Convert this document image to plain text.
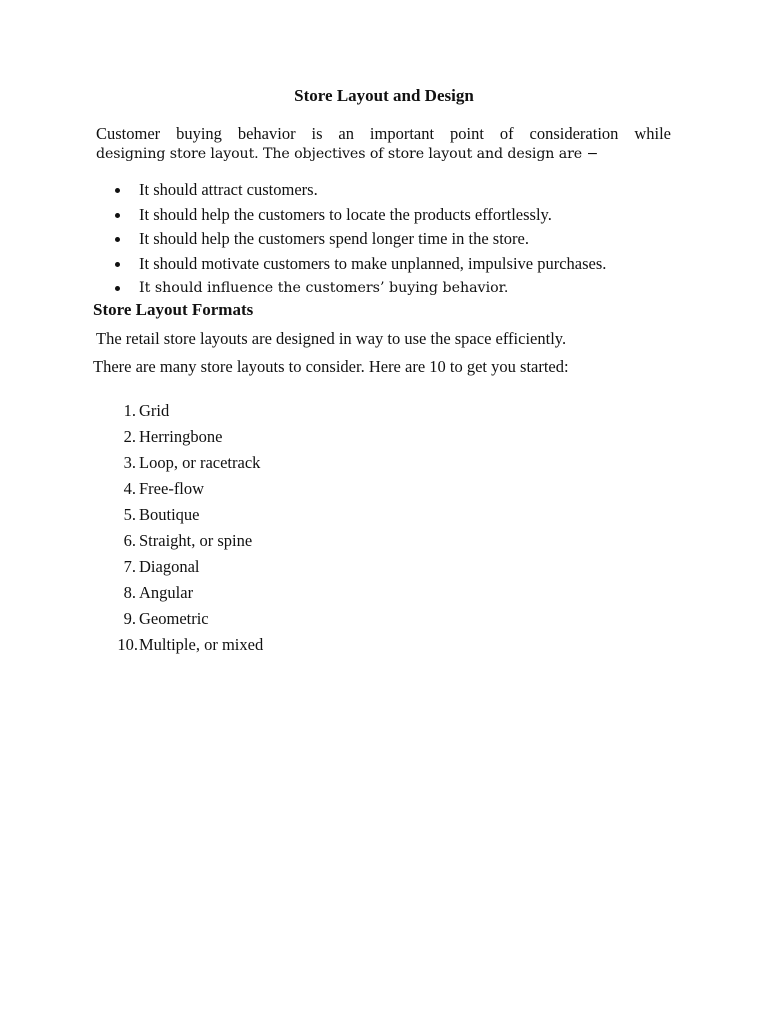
Store Layout and Design
Customer buying behavior is an important point of consideration while
designing store layout. The objectives of store layout and design are −
It should attract customers.
It should help the customers to locate the products effortlessly.
It should help the customers spend longer time in the store.
It should motivate customers to make unplanned, impulsive purchases.
It should influence the customers’ buying behavior.
Store Layout Formats
The retail store layouts are designed in way to use the space efficiently.
There are many store layouts to consider. Here are 10 to get you started:
1. Grid
2. Herringbone
3. Loop, or racetrack
4. Free-flow
5. Boutique
6. Straight, or spine
7. Diagonal
8. Angular
9. Geometric
10. Multiple, or mixed
